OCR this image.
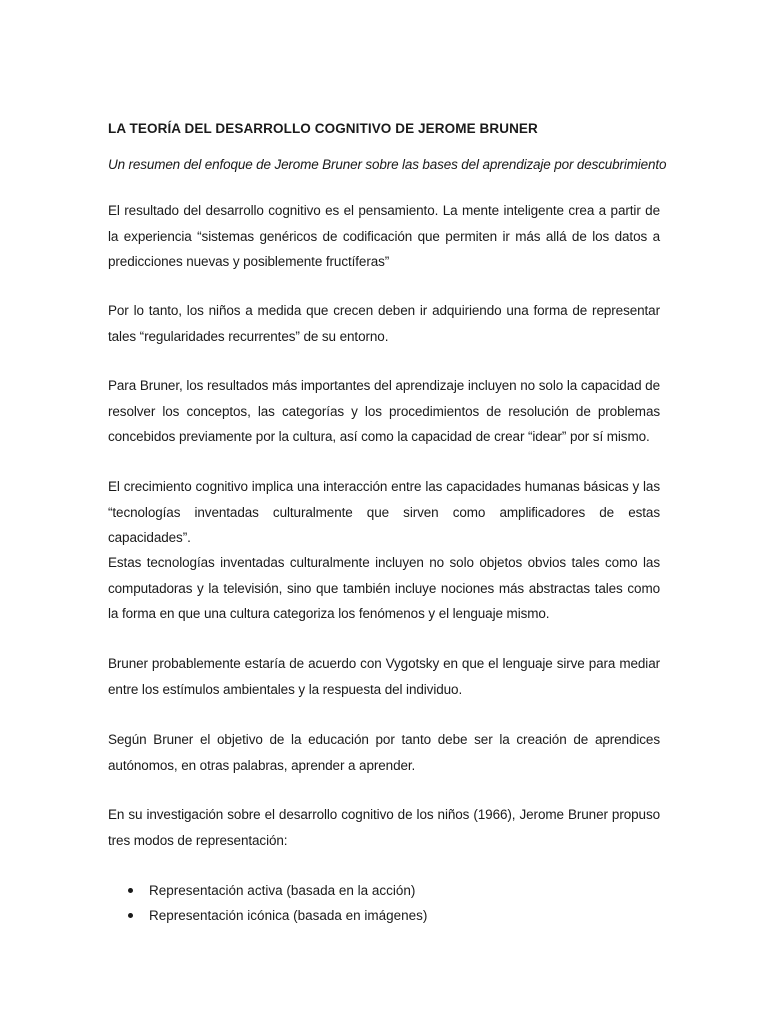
LA TEORÍA DEL DESARROLLO COGNITIVO DE JEROME BRUNER

Un resumen del enfoque de Jerome Bruner sobre las bases del aprendizaje por descubrimiento

El resultado del desarrollo cognitivo es el pensamiento. La mente inteligente crea a partir de la experiencia “sistemas genéricos de codificación que permiten ir más allá de los datos a predicciones nuevas y posiblemente fructíferas”

Por lo tanto, los niños a medida que crecen deben ir adquiriendo una forma de representar tales “regularidades recurrentes” de su entorno.

Para Bruner, los resultados más importantes del aprendizaje incluyen no solo la capacidad de resolver los conceptos, las categorías y los procedimientos de resolución de problemas concebidos previamente por la cultura, así como la capacidad de crear “idear” por sí mismo.

El crecimiento cognitivo implica una interacción entre las capacidades humanas básicas y las “tecnologías inventadas culturalmente que sirven como amplificadores de estas capacidades”.

Estas tecnologías inventadas culturalmente incluyen no solo objetos obvios tales como las computadoras y la televisión, sino que también incluye nociones más abstractas tales como la forma en que una cultura categoriza los fenómenos y el lenguaje mismo.

Bruner probablemente estaría de acuerdo con Vygotsky en que el lenguaje sirve para mediar entre los estímulos ambientales y la respuesta del individuo.

Según Bruner el objetivo de la educación por tanto debe ser la creación de aprendices autónomos, en otras palabras, aprender a aprender.

En su investigación sobre el desarrollo cognitivo de los niños (1966), Jerome Bruner propuso tres modos de representación:

Representación activa (basada en la acción)
Representación icónica (basada en imágenes)
